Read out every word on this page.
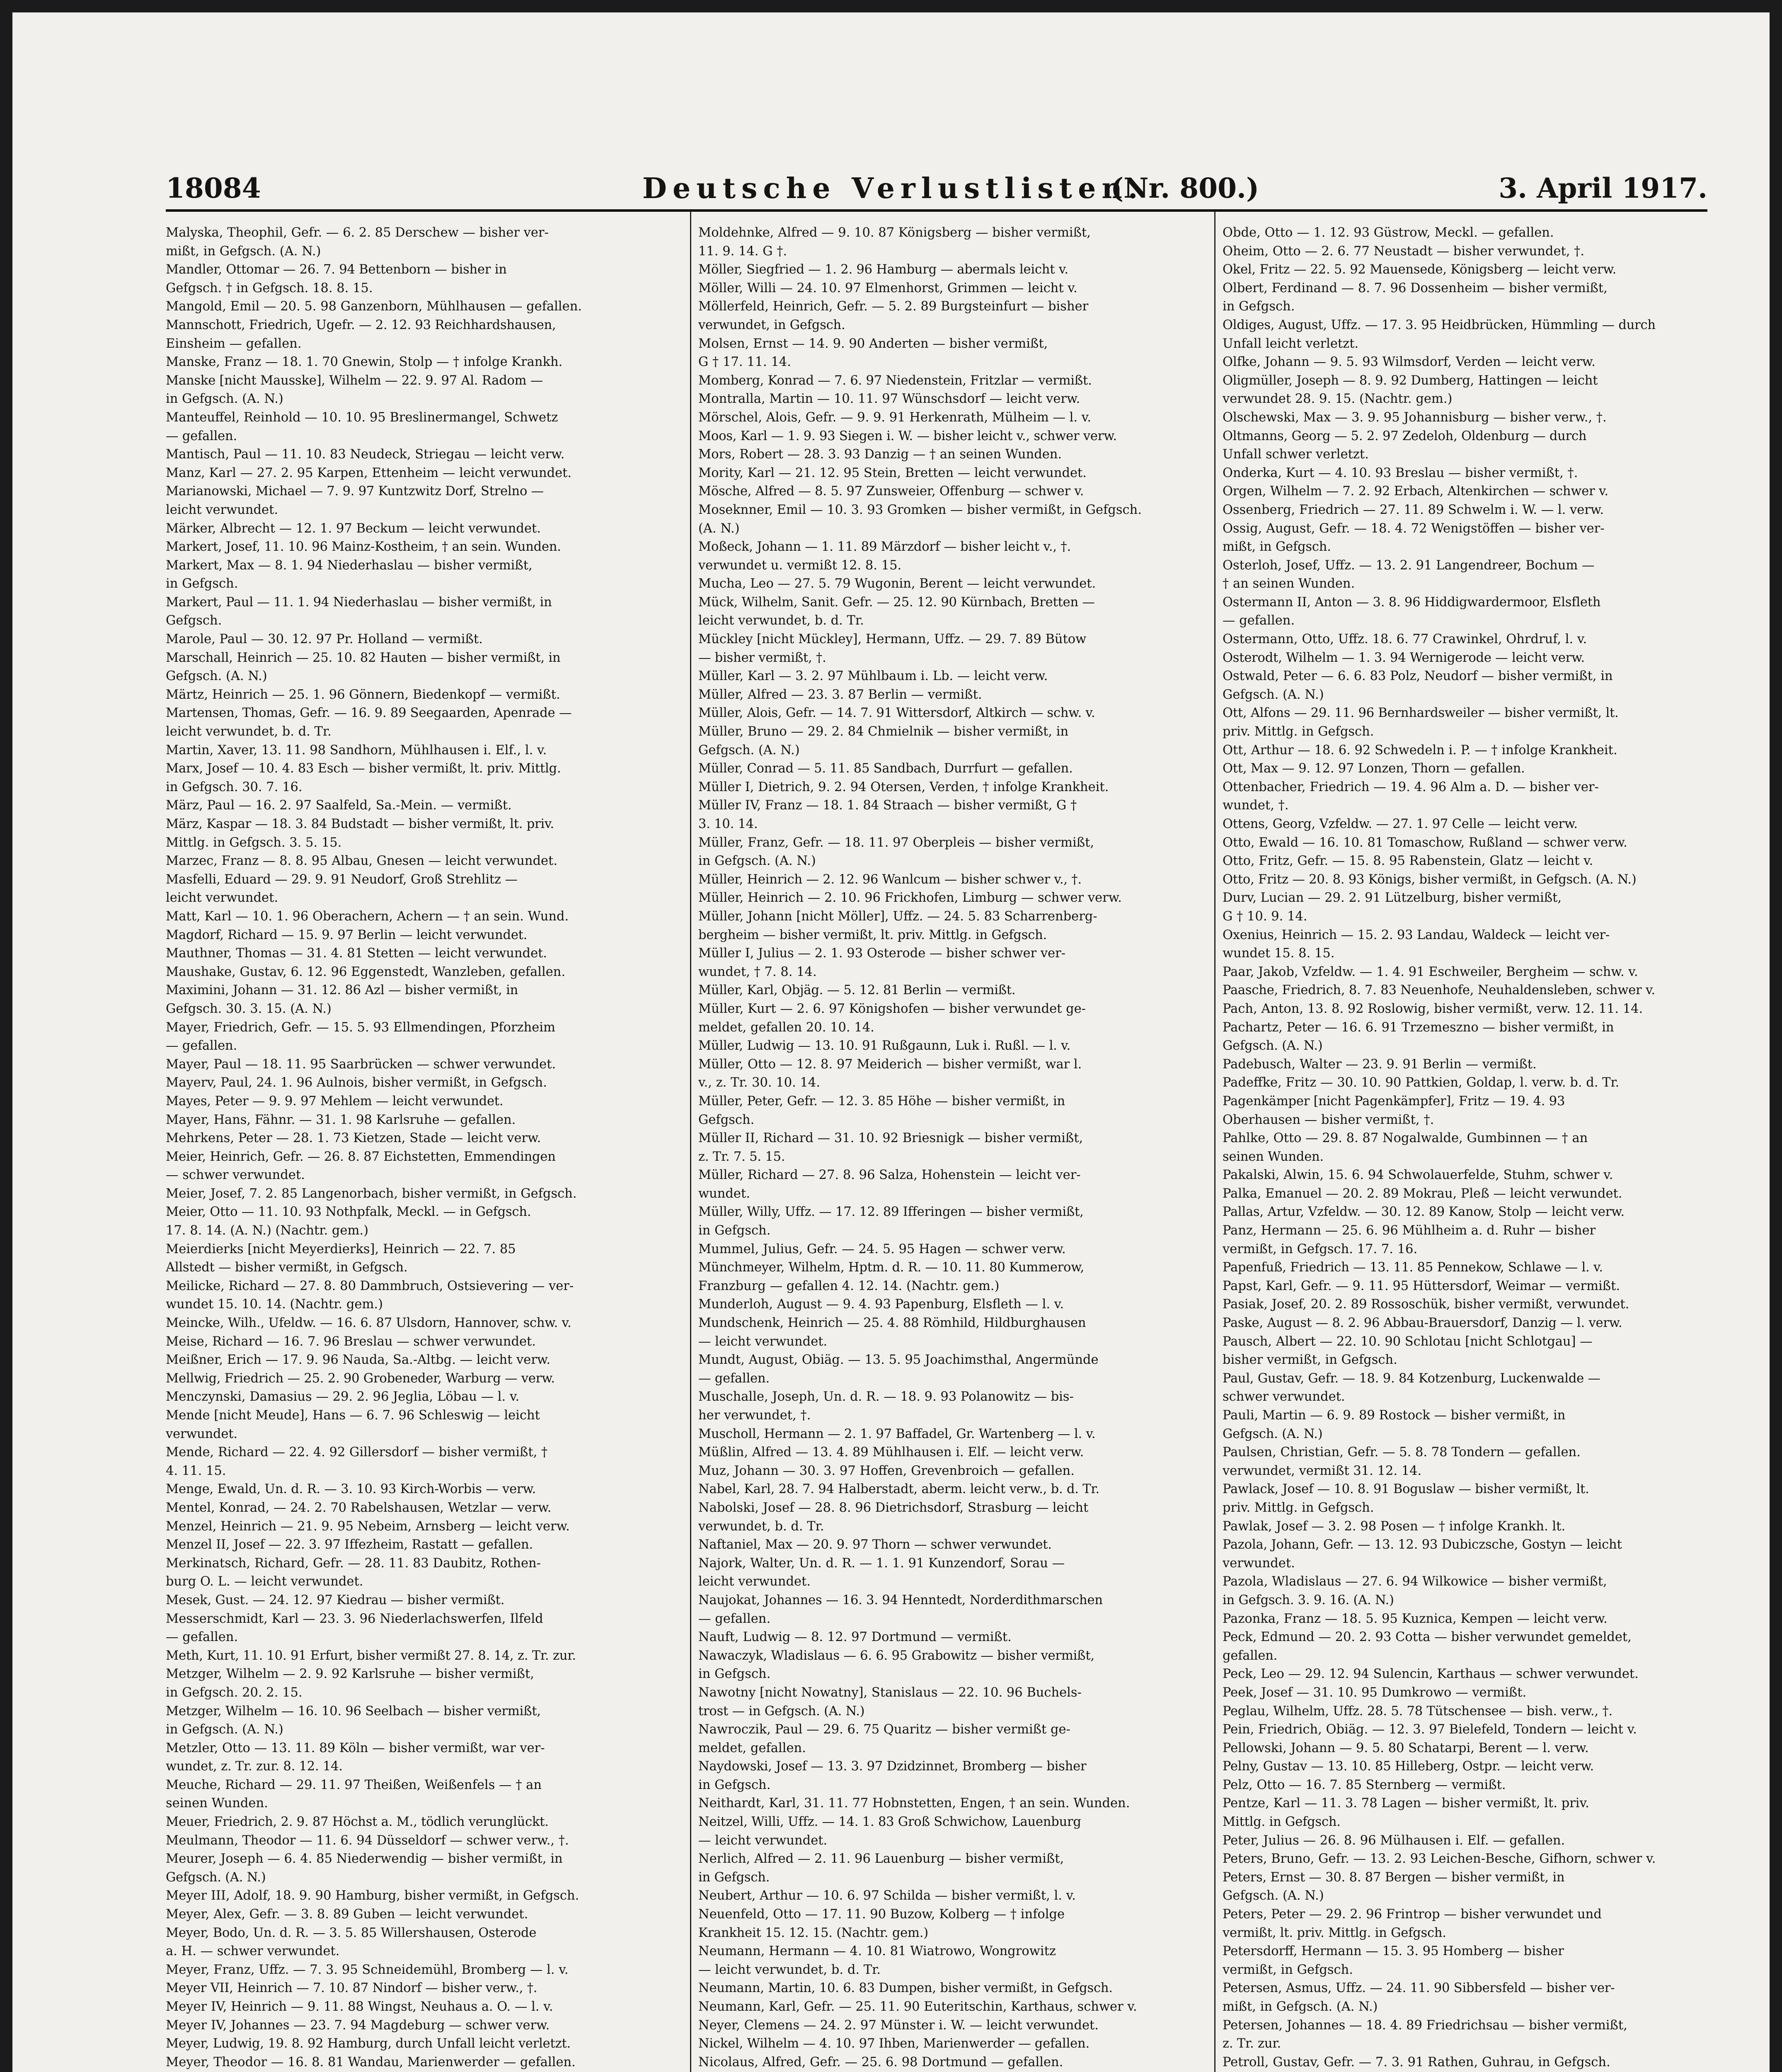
18084	Deutsche Verlustlisten.
(Nr. 800.)	3. April 1917.
Malyska, Theophil, Gefr. — 6. 2. 85 Derschew — bisher ver-
mißt, in Gefgsch. (A. N.)
Mandler, Ottomar — 26. 7. 94 Bettenborn — bisher in
Gefgsch. † in Gefgsch. 18. 8. 15.
Mangold, Emil — 20. 5. 98 Ganzenborn, Mühlhausen — gefallen.
Mannschott, Friedrich, Ugefr. — 2. 12. 93 Reichhardshausen,
Einsheim — gefallen.
Manske, Franz — 18. 1. 70 Gnewin, Stolp — † infolge Krankh.
Manske [nicht Mausske], Wilhelm — 22. 9. 97 Al. Radom —
in Gefgsch. (A. N.)
Manteuffel, Reinhold — 10. 10. 95 Breslinermangel, Schwetz
— gefallen.
Mantisch, Paul — 11. 10. 83 Neudeck, Striegau — leicht verw.
Manz, Karl — 27. 2. 95 Karpen, Ettenheim — leicht verwundet.
Marianowski, Michael — 7. 9. 97 Kuntzwitz Dorf, Strelno —
leicht verwundet.
Märker, Albrecht — 12. 1. 97 Beckum — leicht verwundet.
Markert, Josef, 11. 10. 96 Mainz-Kostheim, † an sein. Wunden.
Markert, Max — 8. 1. 94 Niederhaslau — bisher vermißt,
in Gefgsch.
Markert, Paul — 11. 1. 94 Niederhaslau — bisher vermißt, in
Gefgsch.
Marole, Paul — 30. 12. 97 Pr. Holland — vermißt.
Marschall, Heinrich — 25. 10. 82 Hauten — bisher vermißt, in
Gefgsch. (A. N.)
Märtz, Heinrich — 25. 1. 96 Gönnern, Biedenkopf — vermißt.
Martensen, Thomas, Gefr. — 16. 9. 89 Seegaarden, Apenrade —
leicht verwundet, b. d. Tr.
Martin, Xaver, 13. 11. 98 Sandhorn, Mühlhausen i. Elf., l. v.
Marx, Josef — 10. 4. 83 Esch — bisher vermißt, lt. priv. Mittlg.
in Gefgsch. 30. 7. 16.
März, Paul — 16. 2. 97 Saalfeld, Sa.-Mein. — vermißt.
März, Kaspar — 18. 3. 84 Budstadt — bisher vermißt, lt. priv.
Mittlg. in Gefgsch. 3. 5. 15.
Marzec, Franz — 8. 8. 95 Albau, Gnesen — leicht verwundet.
Masfelli, Eduard — 29. 9. 91 Neudorf, Groß Strehlitz —
leicht verwundet.
Matt, Karl — 10. 1. 96 Oberachern, Achern — † an sein. Wund.
Magdorf, Richard — 15. 9. 97 Berlin — leicht verwundet.
Mauthner, Thomas — 31. 4. 81 Stetten — leicht verwundet.
Maushake, Gustav, 6. 12. 96 Eggenstedt, Wanzleben, gefallen.
Maximini, Johann — 31. 12. 86 Azl — bisher vermißt, in
Gefgsch. 30. 3. 15. (A. N.)
Mayer, Friedrich, Gefr. — 15. 5. 93 Ellmendingen, Pforzheim
— gefallen.
Mayer, Paul — 18. 11. 95 Saarbrücken — schwer verwundet.
Mayerv, Paul, 24. 1. 96 Aulnois, bisher vermißt, in Gefgsch.
Mayes, Peter — 9. 9. 97 Mehlem — leicht verwundet.
Mayer, Hans, Fähnr. — 31. 1. 98 Karlsruhe — gefallen.
Mehrkens, Peter — 28. 1. 73 Kietzen, Stade — leicht verw.
Meier, Heinrich, Gefr. — 26. 8. 87 Eichstetten, Emmendingen
— schwer verwundet.
Meier, Josef, 7. 2. 85 Langenorbach, bisher vermißt, in Gefgsch.
Meier, Otto — 11. 10. 93 Nothpfalk, Meckl. — in Gefgsch.
17. 8. 14. (A. N.) (Nachtr. gem.)
Meierdierks [nicht Meyerdierks], Heinrich — 22. 7. 85
Allstedt — bisher vermißt, in Gefgsch.
Meilicke, Richard — 27. 8. 80 Dammbruch, Ostsievering — ver-
wundet 15. 10. 14. (Nachtr. gem.)
Meincke, Wilh., Ufeldw. — 16. 6. 87 Ulsdorn, Hannover, schw. v.
Meise, Richard — 16. 7. 96 Breslau — schwer verwundet.
Meißner, Erich — 17. 9. 96 Nauda, Sa.-Altbg. — leicht verw.
Mellwig, Friedrich — 25. 2. 90 Grobeneder, Warburg — verw.
Menczynski, Damasius — 29. 2. 96 Jeglia, Löbau — l. v.
Mende [nicht Meude], Hans — 6. 7. 96 Schleswig — leicht
verwundet.
Mende, Richard — 22. 4. 92 Gillersdorf — bisher vermißt, †
4. 11. 15.
Menge, Ewald, Un. d. R. — 3. 10. 93 Kirch-Worbis — verw.
Mentel, Konrad, — 24. 2. 70 Rabelshausen, Wetzlar — verw.
Menzel, Heinrich — 21. 9. 95 Nebeim, Arnsberg — leicht verw.
Menzel II, Josef — 22. 3. 97 Iffezheim, Rastatt — gefallen.
Merkinatsch, Richard, Gefr. — 28. 11. 83 Daubitz, Rothen-
burg O. L. — leicht verwundet.
Mesek, Gust. — 24. 12. 97 Kiedrau — bisher vermißt.
Messerschmidt, Karl — 23. 3. 96 Niederlachswerfen, Ilfeld
— gefallen.
Meth, Kurt, 11. 10. 91 Erfurt, bisher vermißt 27. 8. 14, z. Tr. zur.
Metzger, Wilhelm — 2. 9. 92 Karlsruhe — bisher vermißt,
in Gefgsch. 20. 2. 15.
Metzger, Wilhelm — 16. 10. 96 Seelbach — bisher vermißt,
in Gefgsch. (A. N.)
Metzler, Otto — 13. 11. 89 Köln — bisher vermißt, war ver-
wundet, z. Tr. zur. 8. 12. 14.
Meuche, Richard — 29. 11. 97 Theißen, Weißenfels — † an
seinen Wunden.
Meuer, Friedrich, 2. 9. 87 Höchst a. M., tödlich verunglückt.
Meulmann, Theodor — 11. 6. 94 Düsseldorf — schwer verw., †.
Meurer, Joseph — 6. 4. 85 Niederwendig — bisher vermißt, in
Gefgsch. (A. N.)
Meyer III, Adolf, 18. 9. 90 Hamburg, bisher vermißt, in Gefgsch.
Meyer, Alex, Gefr. — 3. 8. 89 Guben — leicht verwundet.
Meyer, Bodo, Un. d. R. — 3. 5. 85 Willershausen, Osterode
a. H. — schwer verwundet.
Meyer, Franz, Uffz. — 7. 3. 95 Schneidemühl, Bromberg — l. v.
Meyer VII, Heinrich — 7. 10. 87 Nindorf — bisher verw., †.
Meyer IV, Heinrich — 9. 11. 88 Wingst, Neuhaus a. O. — l. v.
Meyer IV, Johannes — 23. 7. 94 Magdeburg — schwer verw.
Meyer, Ludwig, 19. 8. 92 Hamburg, durch Unfall leicht verletzt.
Meyer, Theodor — 16. 8. 81 Wandau, Marienwerder — gefallen.
Moldehnke, Alfred — 9. 10. 87 Königsberg — bisher vermißt,
11. 9. 14. G †.
Möller, Siegfried — 1. 2. 96 Hamburg — abermals leicht v.
Möller, Willi — 24. 10. 97 Elmenhorst, Grimmen — leicht v.
Möllerfeld, Heinrich, Gefr. — 5. 2. 89 Burgsteinfurt — bisher
verwundet, in Gefgsch.
Molsen, Ernst — 14. 9. 90 Anderten — bisher vermißt,
G † 17. 11. 14.
Momberg, Konrad — 7. 6. 97 Niedenstein, Fritzlar — vermißt.
Montralla, Martin — 10. 11. 97 Wünschsdorf — leicht verw.
Mörschel, Alois, Gefr. — 9. 9. 91 Herkenrath, Mülheim — l. v.
Moos, Karl — 1. 9. 93 Siegen i. W. — bisher leicht v., schwer verw.
Mors, Robert — 28. 3. 93 Danzig — † an seinen Wunden.
Mority, Karl — 21. 12. 95 Stein, Bretten — leicht verwundet.
Mösche, Alfred — 8. 5. 97 Zunsweier, Offenburg — schwer v.
Moseknner, Emil — 10. 3. 93 Gromken — bisher vermißt, in Gefgsch.
(A. N.)
Moßeck, Johann — 1. 11. 89 Märzdorf — bisher leicht v., †.
verwundet u. vermißt 12. 8. 15.
Mucha, Leo — 27. 5. 79 Wugonin, Berent — leicht verwundet.
Mück, Wilhelm, Sanit. Gefr. — 25. 12. 90 Kürnbach, Bretten —
leicht verwundet, b. d. Tr.
Mückley [nicht Mückley], Hermann, Uffz. — 29. 7. 89 Bütow
— bisher vermißt, †.
Müller, Karl — 3. 2. 97 Mühlbaum i. Lb. — leicht verw.
Müller, Alfred — 23. 3. 87 Berlin — vermißt.
Müller, Alois, Gefr. — 14. 7. 91 Wittersdorf, Altkirch — schw. v.
Müller, Bruno — 29. 2. 84 Chmielnik — bisher vermißt, in
Gefgsch. (A. N.)
Müller, Conrad — 5. 11. 85 Sandbach, Durrfurt — gefallen.
Müller I, Dietrich, 9. 2. 94 Otersen, Verden, † infolge Krankheit.
Müller IV, Franz — 18. 1. 84 Straach — bisher vermißt, G †
3. 10. 14.
Müller, Franz, Gefr. — 18. 11. 97 Oberpleis — bisher vermißt,
in Gefgsch. (A. N.)
Müller, Heinrich — 2. 12. 96 Wanlcum — bisher schwer v., †.
Müller, Heinrich — 2. 10. 96 Frickhofen, Limburg — schwer verw.
Müller, Johann [nicht Möller], Uffz. — 24. 5. 83 Scharrenberg-
bergheim — bisher vermißt, lt. priv. Mittlg. in Gefgsch.
Müller I, Julius — 2. 1. 93 Osterode — bisher schwer ver-
wundet, † 7. 8. 14.
Müller, Karl, Objäg. — 5. 12. 81 Berlin — vermißt.
Müller, Kurt — 2. 6. 97 Königshofen — bisher verwundet ge-
meldet, gefallen 20. 10. 14.
Müller, Ludwig — 13. 10. 91 Rußgaunn, Luk i. Rußl. — l. v.
Müller, Otto — 12. 8. 97 Meiderich — bisher vermißt, war l.
v., z. Tr. 30. 10. 14.
Müller, Peter, Gefr. — 12. 3. 85 Höhe — bisher vermißt, in
Gefgsch.
Müller II, Richard — 31. 10. 92 Briesnigk — bisher vermißt,
z. Tr. 7. 5. 15.
Müller, Richard — 27. 8. 96 Salza, Hohenstein — leicht ver-
wundet.
Müller, Willy, Uffz. — 17. 12. 89 Ifferingen — bisher vermißt,
in Gefgsch.
Mummel, Julius, Gefr. — 24. 5. 95 Hagen — schwer verw.
Münchmeyer, Wilhelm, Hptm. d. R. — 10. 11. 80 Kummerow,
Franzburg — gefallen 4. 12. 14. (Nachtr. gem.)
Munderloh, August — 9. 4. 93 Papenburg, Elsfleth — l. v.
Mundschenk, Heinrich — 25. 4. 88 Römhild, Hildburghausen
— leicht verwundet.
Mundt, August, Obiäg. — 13. 5. 95 Joachimsthal, Angermünde
— gefallen.
Muschalle, Joseph, Un. d. R. — 18. 9. 93 Polanowitz — bis-
her verwundet, †.
Muscholl, Hermann — 2. 1. 97 Baffadel, Gr. Wartenberg — l. v.
Müßlin, Alfred — 13. 4. 89 Mühlhausen i. Elf. — leicht verw.
Muz, Johann — 30. 3. 97 Hoffen, Grevenbroich — gefallen.
Nabel, Karl, 28. 7. 94 Halberstadt, aberm. leicht verw., b. d. Tr.
Nabolski, Josef — 28. 8. 96 Dietrichsdorf, Strasburg — leicht
verwundet, b. d. Tr.
Naftaniel, Max — 20. 9. 97 Thorn — schwer verwundet.
Najork, Walter, Un. d. R. — 1. 1. 91 Kunzendorf, Sorau —
leicht verwundet.
Naujokat, Johannes — 16. 3. 94 Henntedt, Norderdithmarschen
— gefallen.
Nauft, Ludwig — 8. 12. 97 Dortmund — vermißt.
Nawaczyk, Wladislaus — 6. 6. 95 Grabowitz — bisher vermißt,
in Gefgsch.
Nawotny [nicht Nowatny], Stanislaus — 22. 10. 96 Buchels-
trost — in Gefgsch. (A. N.)
Nawroczik, Paul — 29. 6. 75 Quaritz — bisher vermißt ge-
meldet, gefallen.
Naydowski, Josef — 13. 3. 97 Dzidzinnet, Bromberg — bisher
in Gefgsch.
Neithardt, Karl, 31. 11. 77 Hobnstetten, Engen, † an sein. Wunden.
Neitzel, Willi, Uffz. — 14. 1. 83 Groß Schwichow, Lauenburg
— leicht verwundet.
Nerlich, Alfred — 2. 11. 96 Lauenburg — bisher vermißt,
in Gefgsch.
Neubert, Arthur — 10. 6. 97 Schilda — bisher vermißt, l. v.
Neuenfeld, Otto — 17. 11. 90 Buzow, Kolberg — † infolge
Krankheit 15. 12. 15. (Nachtr. gem.)
Neumann, Hermann — 4. 10. 81 Wiatrowo, Wongrowitz
— leicht verwundet, b. d. Tr.
Neumann, Martin, 10. 6. 83 Dumpen, bisher vermißt, in Gefgsch.
Neumann, Karl, Gefr. — 25. 11. 90 Euteritschin, Karthaus, schwer v.
Neyer, Clemens — 24. 2. 97 Münster i. W. — leicht verwundet.
Nickel, Wilhelm — 4. 10. 97 Ihben, Marienwerder — gefallen.
Nicolaus, Alfred, Gefr. — 25. 6. 98 Dortmund — gefallen.
Obde, Otto — 1. 12. 93 Güstrow, Meckl. — gefallen.
Oheim, Otto — 2. 6. 77 Neustadt — bisher verwundet, †.
Okel, Fritz — 22. 5. 92 Mauensede, Königsberg — leicht verw.
Olbert, Ferdinand — 8. 7. 96 Dossenheim — bisher vermißt,
in Gefgsch.
Oldiges, August, Uffz. — 17. 3. 95 Heidbrücken, Hümmling — durch
Unfall leicht verletzt.
Olfke, Johann — 9. 5. 93 Wilmsdorf, Verden — leicht verw.
Oligmüller, Joseph — 8. 9. 92 Dumberg, Hattingen — leicht
verwundet 28. 9. 15. (Nachtr. gem.)
Olschewski, Max — 3. 9. 95 Johannisburg — bisher verw., †.
Oltmanns, Georg — 5. 2. 97 Zedeloh, Oldenburg — durch
Unfall schwer verletzt.
Onderka, Kurt — 4. 10. 93 Breslau — bisher vermißt, †.
Orgen, Wilhelm — 7. 2. 92 Erbach, Altenkirchen — schwer v.
Ossenberg, Friedrich — 27. 11. 89 Schwelm i. W. — l. verw.
Ossig, August, Gefr. — 18. 4. 72 Wenigstöffen — bisher ver-
mißt, in Gefgsch.
Osterloh, Josef, Uffz. — 13. 2. 91 Langendreer, Bochum —
† an seinen Wunden.
Ostermann II, Anton — 3. 8. 96 Hiddigwardermoor, Elsfleth
— gefallen.
Ostermann, Otto, Uffz. 18. 6. 77 Crawinkel, Ohrdruf, l. v.
Osterodt, Wilhelm — 1. 3. 94 Wernigerode — leicht verw.
Ostwald, Peter — 6. 6. 83 Polz, Neudorf — bisher vermißt, in
Gefgsch. (A. N.)
Ott, Alfons — 29. 11. 96 Bernhardsweiler — bisher vermißt, lt.
priv. Mittlg. in Gefgsch.
Ott, Arthur — 18. 6. 92 Schwedeln i. P. — † infolge Krankheit.
Ott, Max — 9. 12. 97 Lonzen, Thorn — gefallen.
Ottenbacher, Friedrich — 19. 4. 96 Alm a. D. — bisher ver-
wundet, †.
Ottens, Georg, Vzfeldw. — 27. 1. 97 Celle — leicht verw.
Otto, Ewald — 16. 10. 81 Tomaschow, Rußland — schwer verw.
Otto, Fritz, Gefr. — 15. 8. 95 Rabenstein, Glatz — leicht v.
Otto, Fritz — 20. 8. 93 Königs, bisher vermißt, in Gefgsch. (A. N.)
Durv, Lucian — 29. 2. 91 Lützelburg, bisher vermißt,
G † 10. 9. 14.
Oxenius, Heinrich — 15. 2. 93 Landau, Waldeck — leicht ver-
wundet 15. 8. 15.
Paar, Jakob, Vzfeldw. — 1. 4. 91 Eschweiler, Bergheim — schw. v.
Paasche, Friedrich, 8. 7. 83 Neuenhofe, Neuhaldensleben, schwer v.
Pach, Anton, 13. 8. 92 Roslowig, bisher vermißt, verw. 12. 11. 14.
Pachartz, Peter — 16. 6. 91 Trzemeszno — bisher vermißt, in
Gefgsch. (A. N.)
Padebusch, Walter — 23. 9. 91 Berlin — vermißt.
Padeffke, Fritz — 30. 10. 90 Pattkien, Goldap, l. verw. b. d. Tr.
Pagenkämper [nicht Pagenkämpfer], Fritz — 19. 4. 93
Oberhausen — bisher vermißt, †.
Pahlke, Otto — 29. 8. 87 Nogalwalde, Gumbinnen — † an
seinen Wunden.
Pakalski, Alwin, 15. 6. 94 Schwolauerfelde, Stuhm, schwer v.
Palka, Emanuel — 20. 2. 89 Mokrau, Pleß — leicht verwundet.
Pallas, Artur, Vzfeldw. — 30. 12. 89 Kanow, Stolp — leicht verw.
Panz, Hermann — 25. 6. 96 Mühlheim a. d. Ruhr — bisher
vermißt, in Gefgsch. 17. 7. 16.
Papenfuß, Friedrich — 13. 11. 85 Pennekow, Schlawe — l. v.
Papst, Karl, Gefr. — 9. 11. 95 Hüttersdorf, Weimar — vermißt.
Pasiak, Josef, 20. 2. 89 Rossoschük, bisher vermißt, verwundet.
Paske, August — 8. 2. 96 Abbau-Brauersdorf, Danzig — l. verw.
Pausch, Albert — 22. 10. 90 Schlotau [nicht Schlotgau] —
bisher vermißt, in Gefgsch.
Paul, Gustav, Gefr. — 18. 9. 84 Kotzenburg, Luckenwalde —
schwer verwundet.
Pauli, Martin — 6. 9. 89 Rostock — bisher vermißt, in
Gefgsch. (A. N.)
Paulsen, Christian, Gefr. — 5. 8. 78 Tondern — gefallen.
verwundet, vermißt 31. 12. 14.
Pawlack, Josef — 10. 8. 91 Boguslaw — bisher vermißt, lt.
priv. Mittlg. in Gefgsch.
Pawlak, Josef — 3. 2. 98 Posen — † infolge Krankh. lt.
Pazola, Johann, Gefr. — 13. 12. 93 Dubiczsche, Gostyn — leicht
verwundet.
Pazola, Wladislaus — 27. 6. 94 Wilkowice — bisher vermißt,
in Gefgsch. 3. 9. 16. (A. N.)
Pazonka, Franz — 18. 5. 95 Kuznica, Kempen — leicht verw.
Peck, Edmund — 20. 2. 93 Cotta — bisher verwundet gemeldet,
gefallen.
Peck, Leo — 29. 12. 94 Sulencin, Karthaus — schwer verwundet.
Peek, Josef — 31. 10. 95 Dumkrowo — vermißt.
Peglau, Wilhelm, Uffz. 28. 5. 78 Tütschensee — bish. verw., †.
Pein, Friedrich, Obiäg. — 12. 3. 97 Bielefeld, Tondern — leicht v.
Pellowski, Johann — 9. 5. 80 Schatarpi, Berent — l. verw.
Pelny, Gustav — 13. 10. 85 Hilleberg, Ostpr. — leicht verw.
Pelz, Otto — 16. 7. 85 Sternberg — vermißt.
Pentze, Karl — 11. 3. 78 Lagen — bisher vermißt, lt. priv.
Mittlg. in Gefgsch.
Peter, Julius — 26. 8. 96 Mülhausen i. Elf. — gefallen.
Peters, Bruno, Gefr. — 13. 2. 93 Leichen-Besche, Gifhorn, schwer v.
Peters, Ernst — 30. 8. 87 Bergen — bisher vermißt, in
Gefgsch. (A. N.)
Peters, Peter — 29. 2. 96 Frintrop — bisher verwundet und
vermißt, lt. priv. Mittlg. in Gefgsch.
Petersdorff, Hermann — 15. 3. 95 Homberg — bisher
vermißt, in Gefgsch.
Petersen, Asmus, Uffz. — 24. 11. 90 Sibbersfeld — bisher ver-
mißt, in Gefgsch. (A. N.)
Petersen, Johannes — 18. 4. 89 Friedrichsau — bisher vermißt,
z. Tr. zur.
Petroll, Gustav, Gefr. — 7. 3. 91 Rathen, Guhrau, in Gefgsch.
